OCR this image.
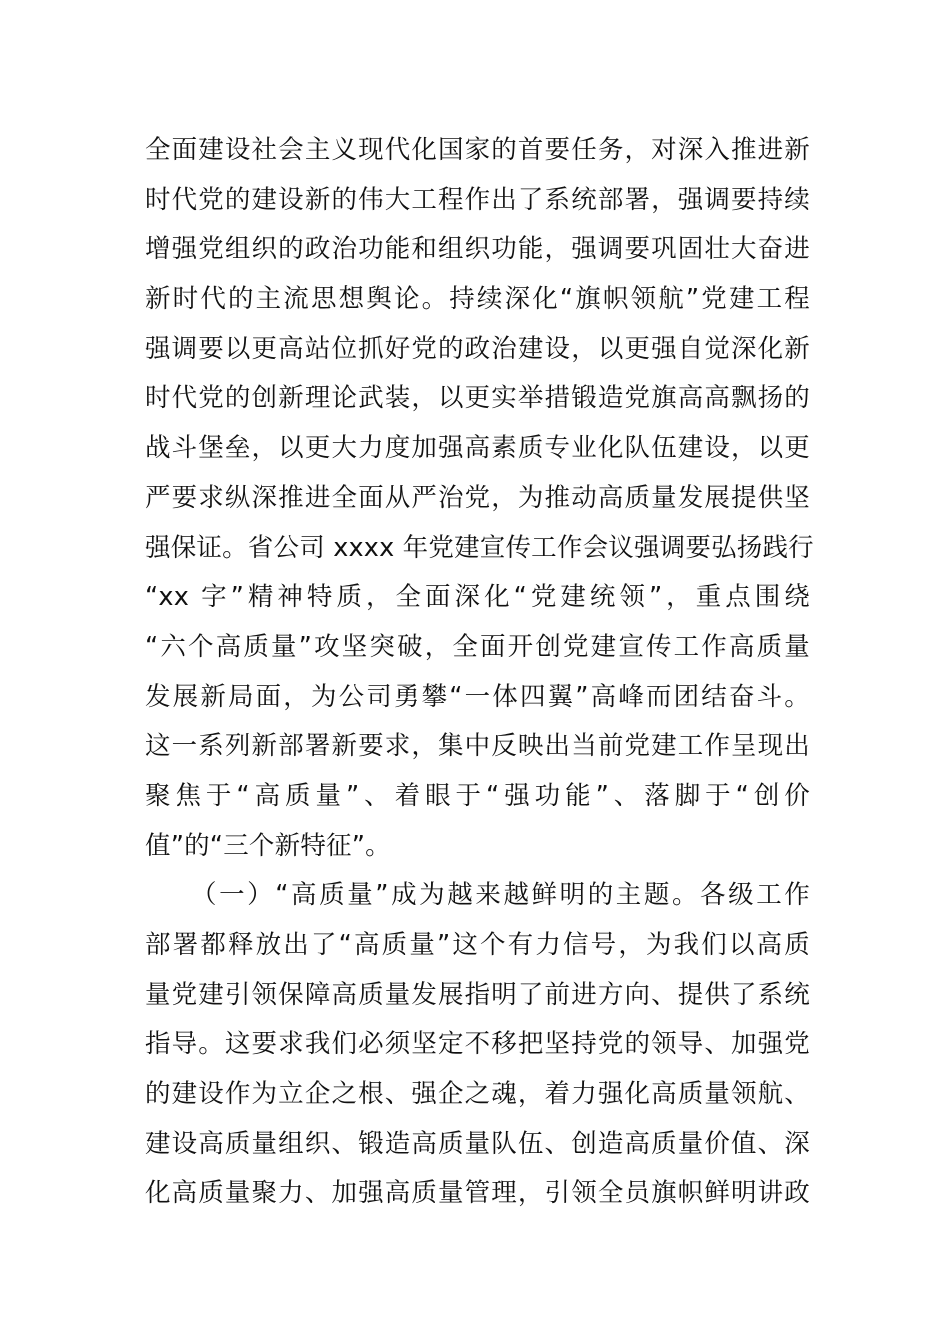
全面建设社会主义现代化国家的首要任务，对深入推进新
时代党的建设新的伟大工程作出了系统部署，强调要持续
增强党组织的政治功能和组织功能，强调要巩固壮大奋进
新时代的主流思想舆论。持续深化“旗帜领航”党建工程
强调要以更高站位抓好党的政治建设，以更强自觉深化新
时代党的创新理论武装，以更实举措锻造党旗高高飘扬的
战斗堡垒，以更大力度加强高素质专业化队伍建设，以更
严要求纵深推进全面从严治党，为推动高质量发展提供坚
强保证。省公司 xxxx 年党建宣传工作会议强调要弘扬践行
“xx 字”精神特质，全面深化“党建统领”，重点围绕
“六个高质量”攻坚突破，全面开创党建宣传工作高质量
发展新局面，为公司勇攀“一体四翼”高峰而团结奋斗。
这一系列新部署新要求，集中反映出当前党建工作呈现出
聚焦于“高质量”、着眼于“强功能”、落脚于“创价
值”的“三个新特征”。
（一）“高质量”成为越来越鲜明的主题。各级工作
部署都释放出了“高质量”这个有力信号，为我们以高质
量党建引领保障高质量发展指明了前进方向、提供了系统
指导。这要求我们必须坚定不移把坚持党的领导、加强党
的建设作为立企之根、强企之魂，着力强化高质量领航、
建设高质量组织、锻造高质量队伍、创造高质量价值、深
化高质量聚力、加强高质量管理，引领全员旗帜鲜明讲政
